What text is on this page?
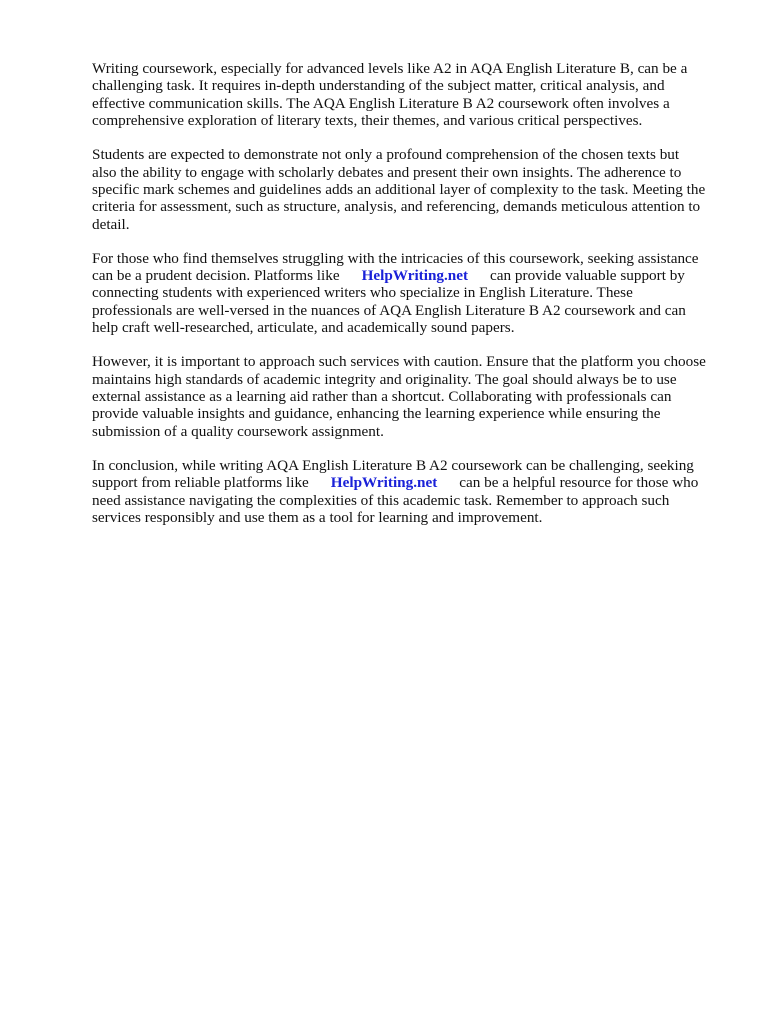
Writing coursework, especially for advanced levels like A2 in AQA English Literature B, can be a
challenging task. It requires in-depth understanding of the subject matter, critical analysis, and
effective communication skills. The AQA English Literature B A2 coursework often involves a
comprehensive exploration of literary texts, their themes, and various critical perspectives.

Students are expected to demonstrate not only a profound comprehension of the chosen texts but
also the ability to engage with scholarly debates and present their own insights. The adherence to
specific mark schemes and guidelines adds an additional layer of complexity to the task. Meeting the
criteria for assessment, such as structure, analysis, and referencing, demands meticulous attention to
detail.

For those who find themselves struggling with the intricacies of this coursework, seeking assistance
can be a prudent decision. Platforms like HelpWriting.net can provide valuable support by
connecting students with experienced writers who specialize in English Literature. These
professionals are well-versed in the nuances of AQA English Literature B A2 coursework and can
help craft well-researched, articulate, and academically sound papers.

However, it is important to approach such services with caution. Ensure that the platform you choose
maintains high standards of academic integrity and originality. The goal should always be to use
external assistance as a learning aid rather than a shortcut. Collaborating with professionals can
provide valuable insights and guidance, enhancing the learning experience while ensuring the
submission of a quality coursework assignment.

In conclusion, while writing AQA English Literature B A2 coursework can be challenging, seeking
support from reliable platforms like HelpWriting.net can be a helpful resource for those who
need assistance navigating the complexities of this academic task. Remember to approach such
services responsibly and use them as a tool for learning and improvement.
